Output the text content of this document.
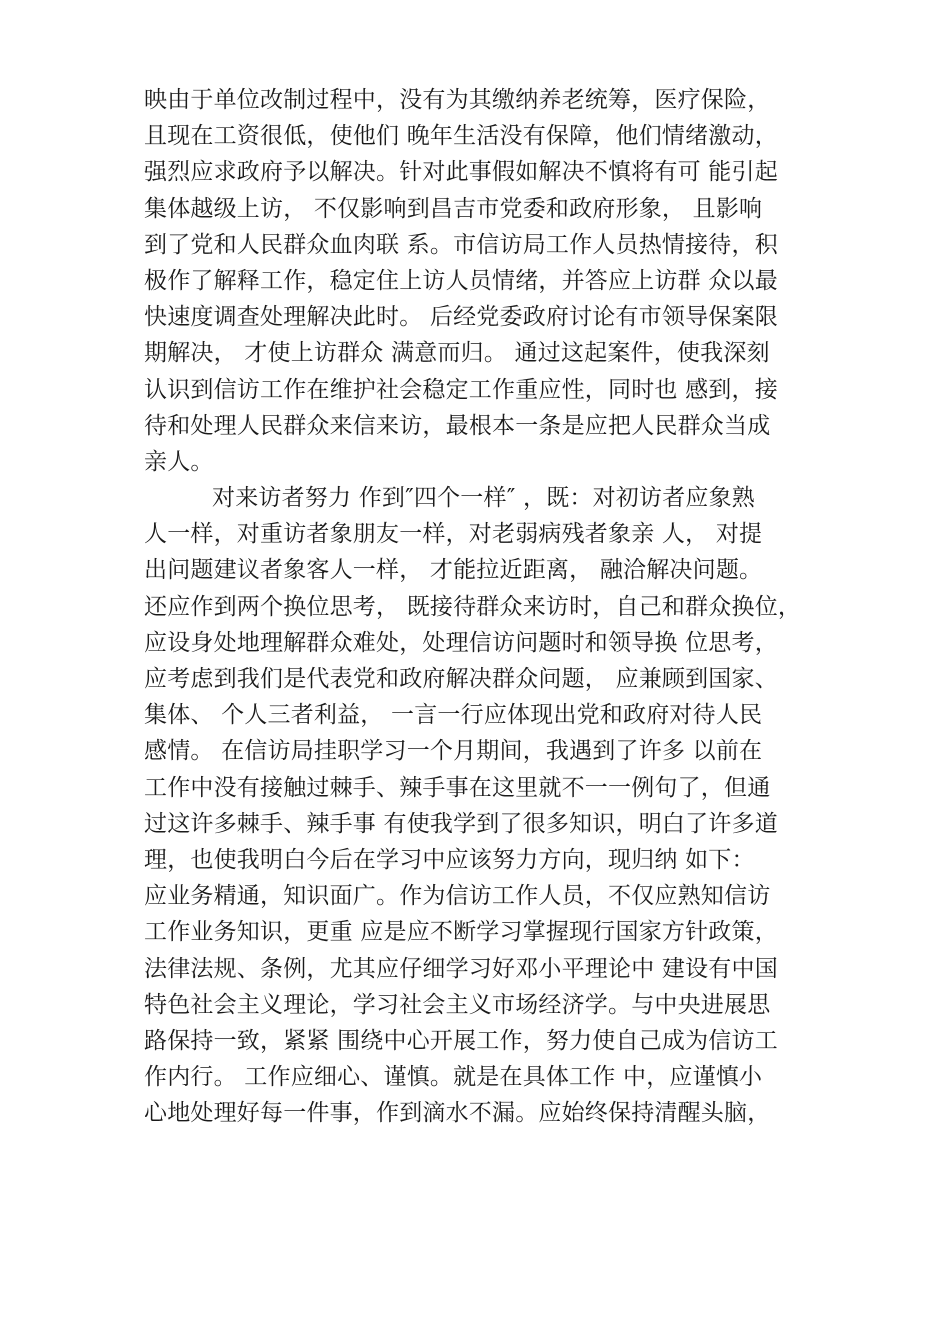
映由于单位改制过程中，没有为其缴纳养老统筹，医疗保险，
且现在工资很低，使他们 晚年生活没有保障，他们情绪激动，
强烈应求政府予以解决。针对此事假如解决不慎将有可 能引起
集体越级上访， 不仅影响到昌吉市党委和政府形象， 且影响
到了党和人民群众血肉联 系。市信访局工作人员热情接待，积
极作了解释工作，稳定住上访人员情绪，并答应上访群 众以最
快速度调查处理解决此时。 后经党委政府讨论有市领导保案限
期解决， 才使上访群众 满意而归。 通过这起案件，使我深刻
认识到信访工作在维护社会稳定工作重应性，同时也 感到，接
待和处理人民群众来信来访，最根本一条是应把人民群众当成
亲人。
对来访者努力 作到″四个一样″ ，既：对初访者应象熟
人一样，对重访者象朋友一样，对老弱病残者象亲 人， 对提
出问题建议者象客人一样， 才能拉近距离， 融洽解决问题。
还应作到两个换位思考， 既接待群众来访时，自己和群众换位，
应设身处地理解群众难处，处理信访问题时和领导换 位思考，
应考虑到我们是代表党和政府解决群众问题， 应兼顾到国家、
集体、 个人三者利益， 一言一行应体现出党和政府对待人民
感情。 在信访局挂职学习一个月期间，我遇到了许多 以前在
工作中没有接触过棘手、辣手事在这里就不一一例句了，但通
过这许多棘手、辣手事 有使我学到了很多知识，明白了许多道
理，也使我明白今后在学习中应该努力方向，现归纳 如下：
应业务精通，知识面广。作为信访工作人员，不仅应熟知信访
工作业务知识，更重 应是应不断学习掌握现行国家方针政策，
法律法规、条例，尤其应仔细学习好邓小平理论中 建设有中国
特色社会主义理论，学习社会主义市场经济学。与中央进展思
路保持一致，紧紧 围绕中心开展工作，努力使自己成为信访工
作内行。 工作应细心、谨慎。就是在具体工作 中，应谨慎小
心地处理好每一件事，作到滴水不漏。应始终保持清醒头脑，
